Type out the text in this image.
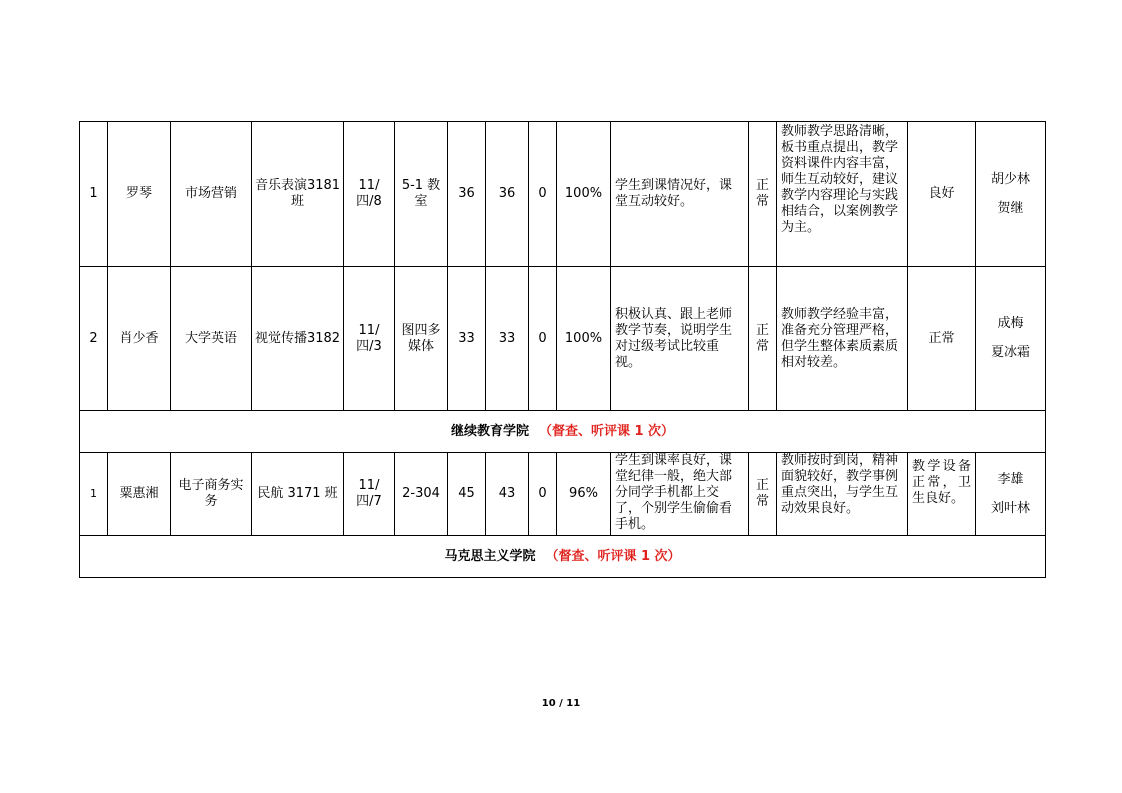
1	罗琴	市场营销	音乐表演3181 班	11/四/8	5-1 教室	36	36	0	100%	学生到课情况好，课堂互动较好。	正常	教师教学思路清晰，板书重点提出，教学资料课件内容丰富，师生互动较好，建议教学内容理论与实践相结合，以案例教学为主。	良好	胡少林
贺继

2	肖少香	大学英语	视觉传播3182	11/四/3	图四多媒体	33	33	0	100%	积极认真、跟上老师教学节奏，说明学生对过级考试比较重视。	正常	教师教学经验丰富，准备充分管理严格，但学生整体素质素质相对较差。	正常	成梅
夏冰霜

继续教育学院 （督查、听评课 1 次）														
1	粟惠湘	电子商务实务	民航 3171 班	11/四/7	2-304	45	43	0	96%	学生到课率良好，课堂纪律一般，绝大部分同学手机都上交了，个别学生偷偷看手机。	正常	教师按时到岗，精神面貌较好，教学事例重点突出，与学生互动效果良好。	教学设备正常，卫生良好。	李雄
刘叶林

马克思主义学院 （督查、听评课 1 次）														
10 / 11
